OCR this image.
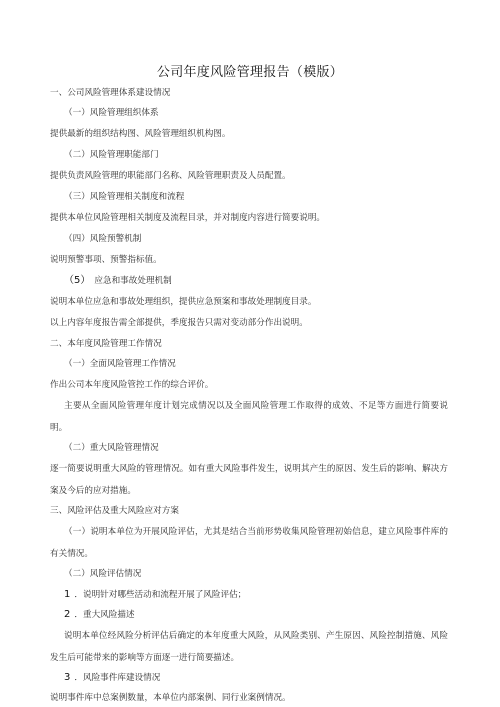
公司年度风险管理报告（模版）
一、公司风险管理体系建设情况
（一）风险管理组织体系
提供最新的组织结构图、风险管理组织机构图。
（二）风险管理职能部门
提供负责风险管理的职能部门名称、风险管理职责及人员配置。
（三）风险管理相关制度和流程
提供本单位风险管理相关制度及流程目录，并对制度内容进行简要说明。
（四）风险预警机制
说明预警事项、预警指标值。
（5） 应急和事故处理机制
说明本单位应急和事故处理组织，提供应急预案和事故处理制度目录。
以上内容年度报告需全部提供，季度报告只需对变动部分作出说明。
二、本年度风险管理工作情况
（一）全面风险管理工作情况
作出公司本年度风险管控工作的综合评价。
主要从全面风险管理年度计划完成情况以及全面风险管理工作取得的成效、不足等方面进行简要说明。
（二）重大风险管理情况
逐一简要说明重大风险的管理情况。如有重大风险事件发生，说明其产生的原因、发生后的影响、解决方案及今后的应对措施。
三、风险评估及重大风险应对方案
（一）说明本单位为开展风险评估，尤其是结合当前形势收集风险管理初始信息，建立风险事件库的有关情况。
（二）风险评估情况
1 ．说明针对哪些活动和流程开展了风险评估；
2 ．重大风险描述
说明本单位经风险分析评估后确定的本年度重大风险，从风险类别、产生原因、风险控制措施、风险发生后可能带来的影响等方面逐一进行简要描述。
3 ．风险事件库建设情况
说明事件库中总案例数量，本单位内部案例、同行业案例情况。
